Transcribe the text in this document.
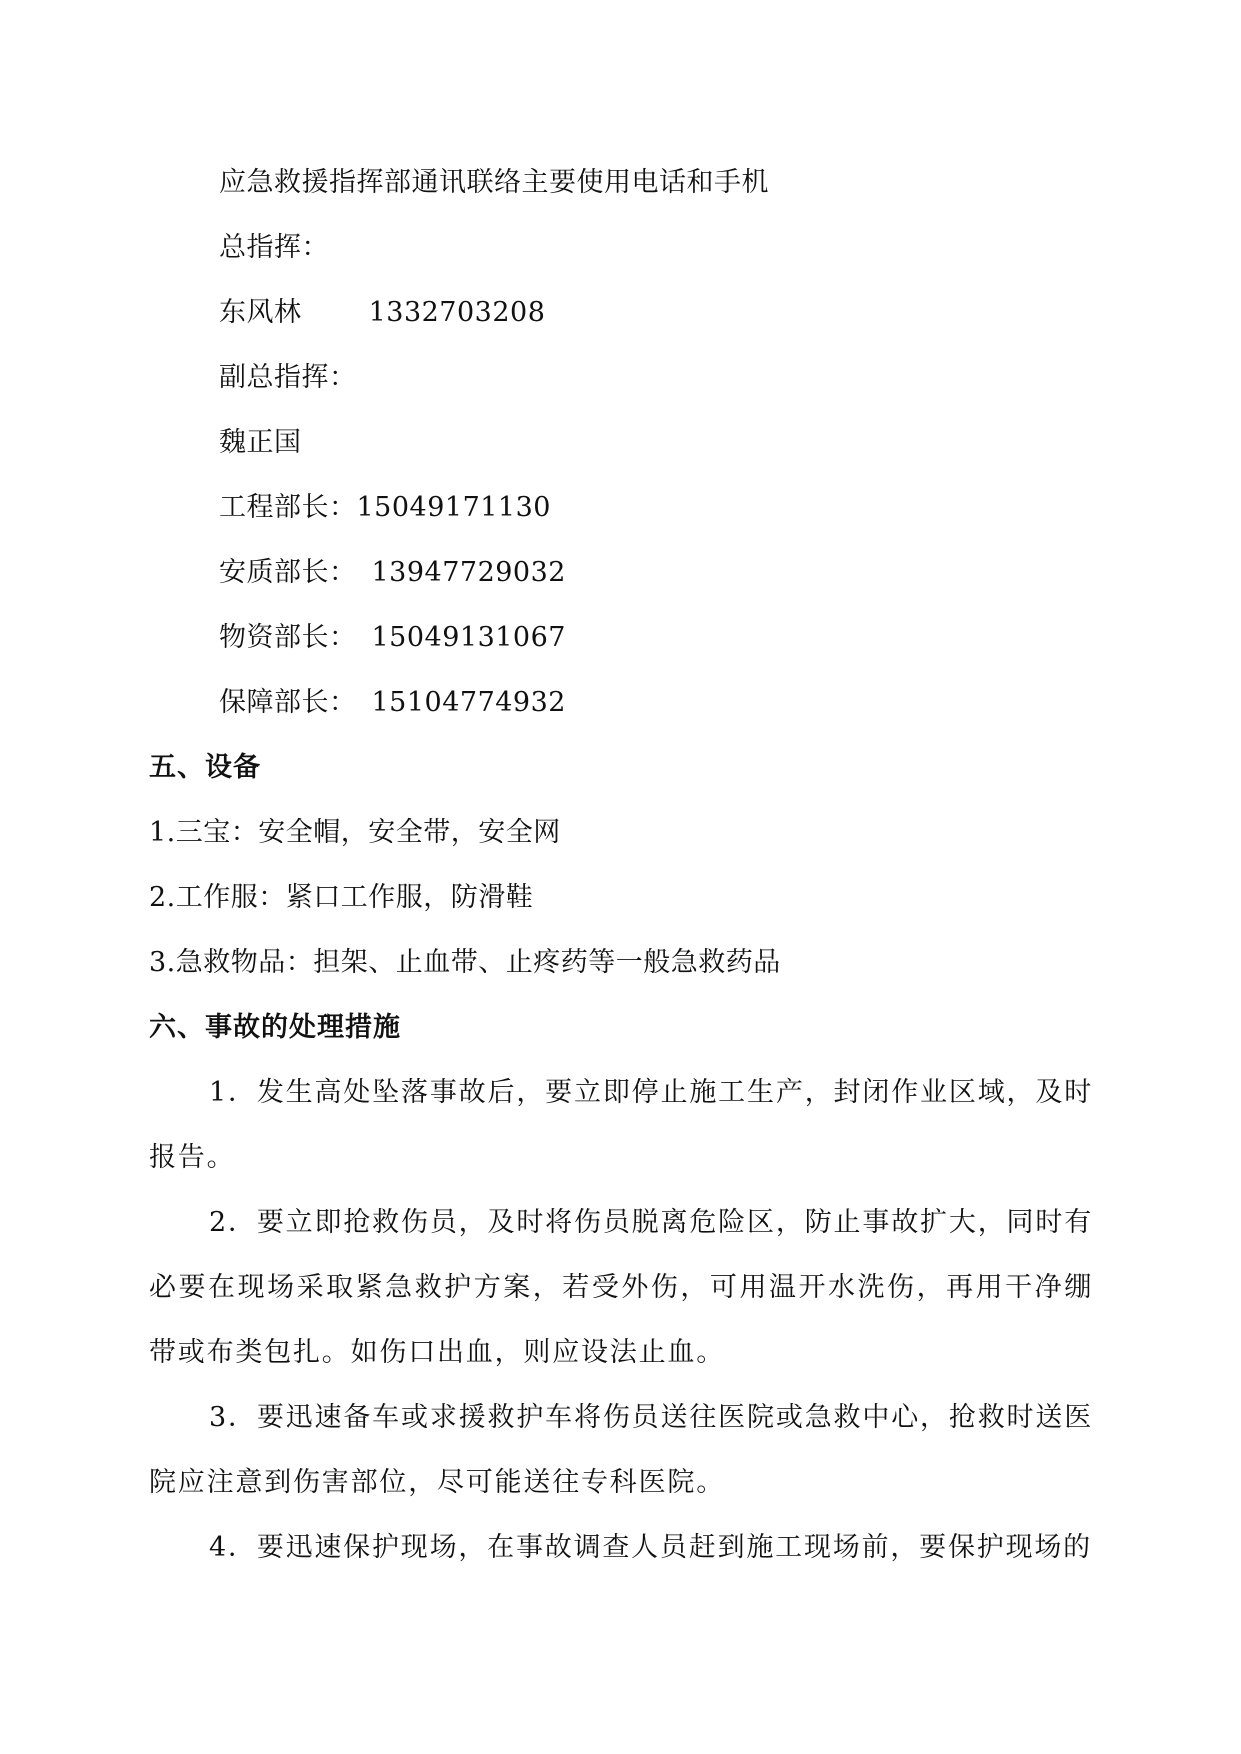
应急救援指挥部通讯联络主要使用电话和手机
总指挥：
东风林 1332703208
副总指挥：
魏正国
工程部长：15049171130
安质部长： 13947729032
物资部长： 15049131067
保障部长： 15104774932
五、设备
1.三宝：安全帽，安全带，安全网
2.工作服：紧口工作服，防滑鞋
3.急救物品：担架、止血带、止疼药等一般急救药品
六、事故的处理措施

1．发生高处坠落事故后，要立即停止施工生产，封闭作业区域，及时报告。

2．要立即抢救伤员，及时将伤员脱离危险区，防止事故扩大，同时有必要在现场采取紧急救护方案，若受外伤，可用温开水洗伤，再用干净绷带或布类包扎。如伤口出血，则应设法止血。

3．要迅速备车或求援救护车将伤员送往医院或急救中心，抢救时送医院应注意到伤害部位，尽可能送往专科医院。

4．要迅速保护现场，在事故调查人员赶到施工现场前，要保护现场的
